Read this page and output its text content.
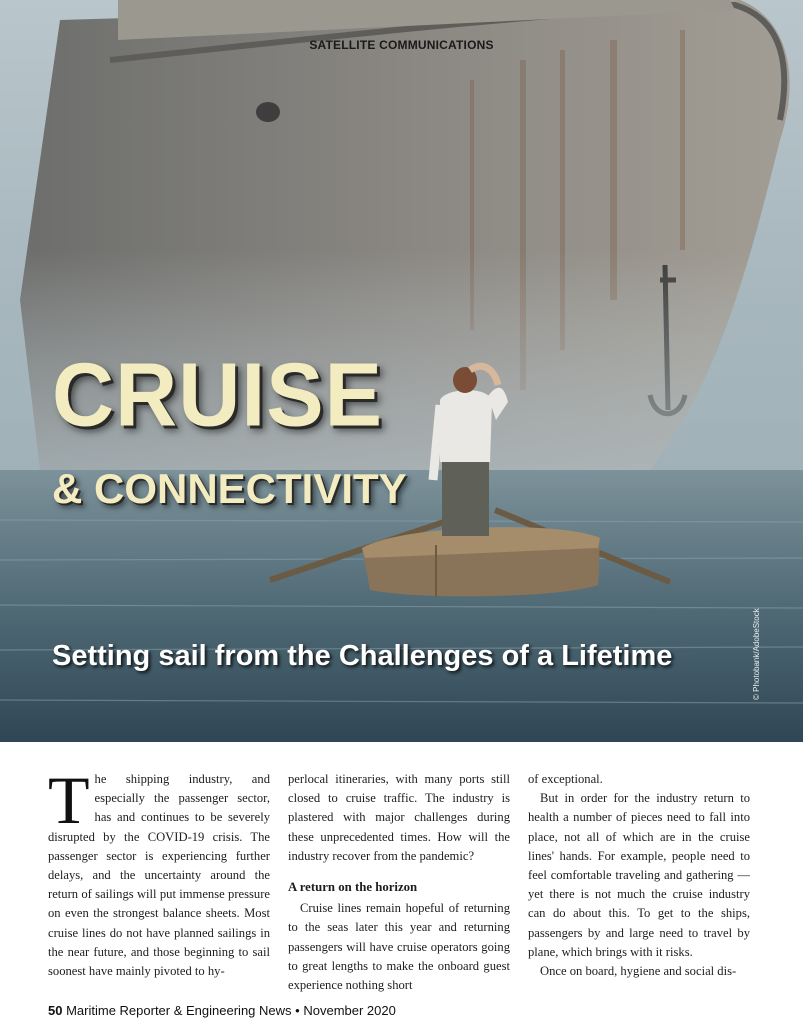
SATELLITE COMMUNICATIONS
CRUISE
& CONNECTIVITY
Setting sail from the Challenges of a Lifetime	© Photobank/AdobeStock

The shipping industry, and especially the passenger sector, has and continues to be severely disrupted by the COVID-19 crisis. The passenger sector is experiencing further delays, and the uncertainty around the return of sailings will put immense pressure on even the strongest balance sheets. Most cruise lines do not have planned sailings in the near future, and those beginning to sail soonest have mainly pivoted to hy-

perlocal itineraries, with many ports still closed to cruise traffic. The industry is plastered with major challenges during these unprecedented times. How will the industry recover from the pandemic?

A return on the horizon

Cruise lines remain hopeful of returning to the seas later this year and returning passengers will have cruise operators going to great lengths to make the onboard guest experience nothing short

of exceptional.

But in order for the industry return to health a number of pieces need to fall into place, not all of which are in the cruise lines' hands. For example, people need to feel comfortable traveling and gathering — yet there is not much the cruise industry can do about this. To get to the ships, passengers by and large need to travel by plane, which brings with it risks.

Once on board, hygiene and social dis-

50 Maritime Reporter & Engineering News • November 2020
